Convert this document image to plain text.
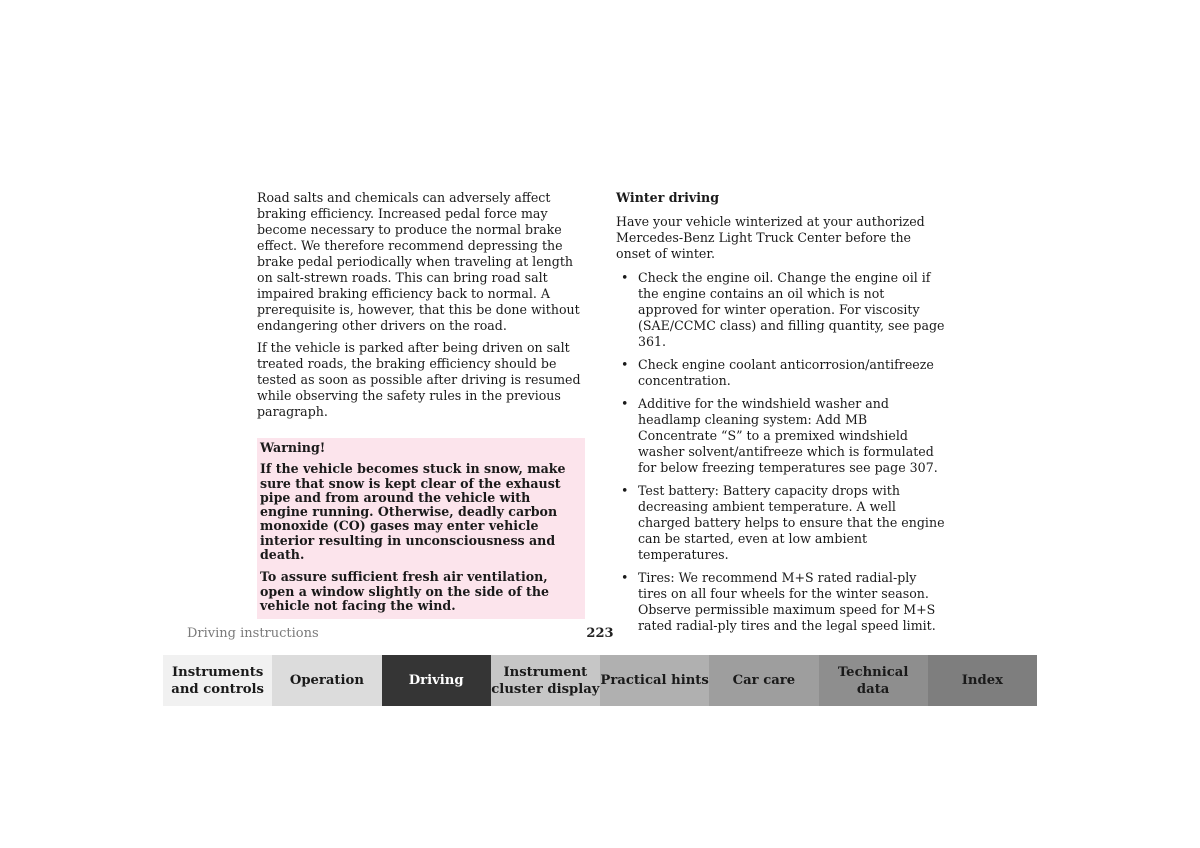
Road salts and chemicals can adversely affect braking efficiency. Increased pedal force may become necessary to produce the normal brake effect. We therefore recommend depressing the brake pedal periodically when traveling at length on salt-strewn roads. This can bring road salt impaired braking efficiency back to normal. A prerequisite is, however, that this be done without endangering other drivers on the road.

If the vehicle is parked after being driven on salt treated roads, the braking efficiency should be tested as soon as possible after driving is resumed while observing the safety rules in the previous paragraph.

Warning!

If the vehicle becomes stuck in snow, make sure that snow is kept clear of the exhaust pipe and from around the vehicle with engine running. Otherwise, deadly carbon monoxide (CO) gases may enter vehicle interior resulting in unconsciousness and death.

To assure sufficient fresh air ventilation, open a window slightly on the side of the vehicle not facing the wind.

Winter driving

Have your vehicle winterized at your authorized Mercedes-Benz Light Truck Center before the onset of winter.

• Check the engine oil. Change the engine oil if the engine contains an oil which is not approved for winter operation. For viscosity (SAE/CCMC class) and filling quantity, see page 361.
• Check engine coolant anticorrosion/antifreeze concentration.
• Additive for the windshield washer and headlamp cleaning system: Add MB Concentrate “S” to a premixed windshield washer solvent/antifreeze which is formulated for below freezing temperatures see page 307.
• Test battery: Battery capacity drops with decreasing ambient temperature. A well charged battery helps to ensure that the engine can be started, even at low ambient temperatures.
• Tires: We recommend M+S rated radial-ply tires on all four wheels for the winter season. Observe permissible maximum speed for M+S rated radial-ply tires and the legal speed limit.
Driving instructions	223
Instruments
and controls
Operation	Driving
Instrument
cluster display
Practical hints Car care
Technical
data
Index
